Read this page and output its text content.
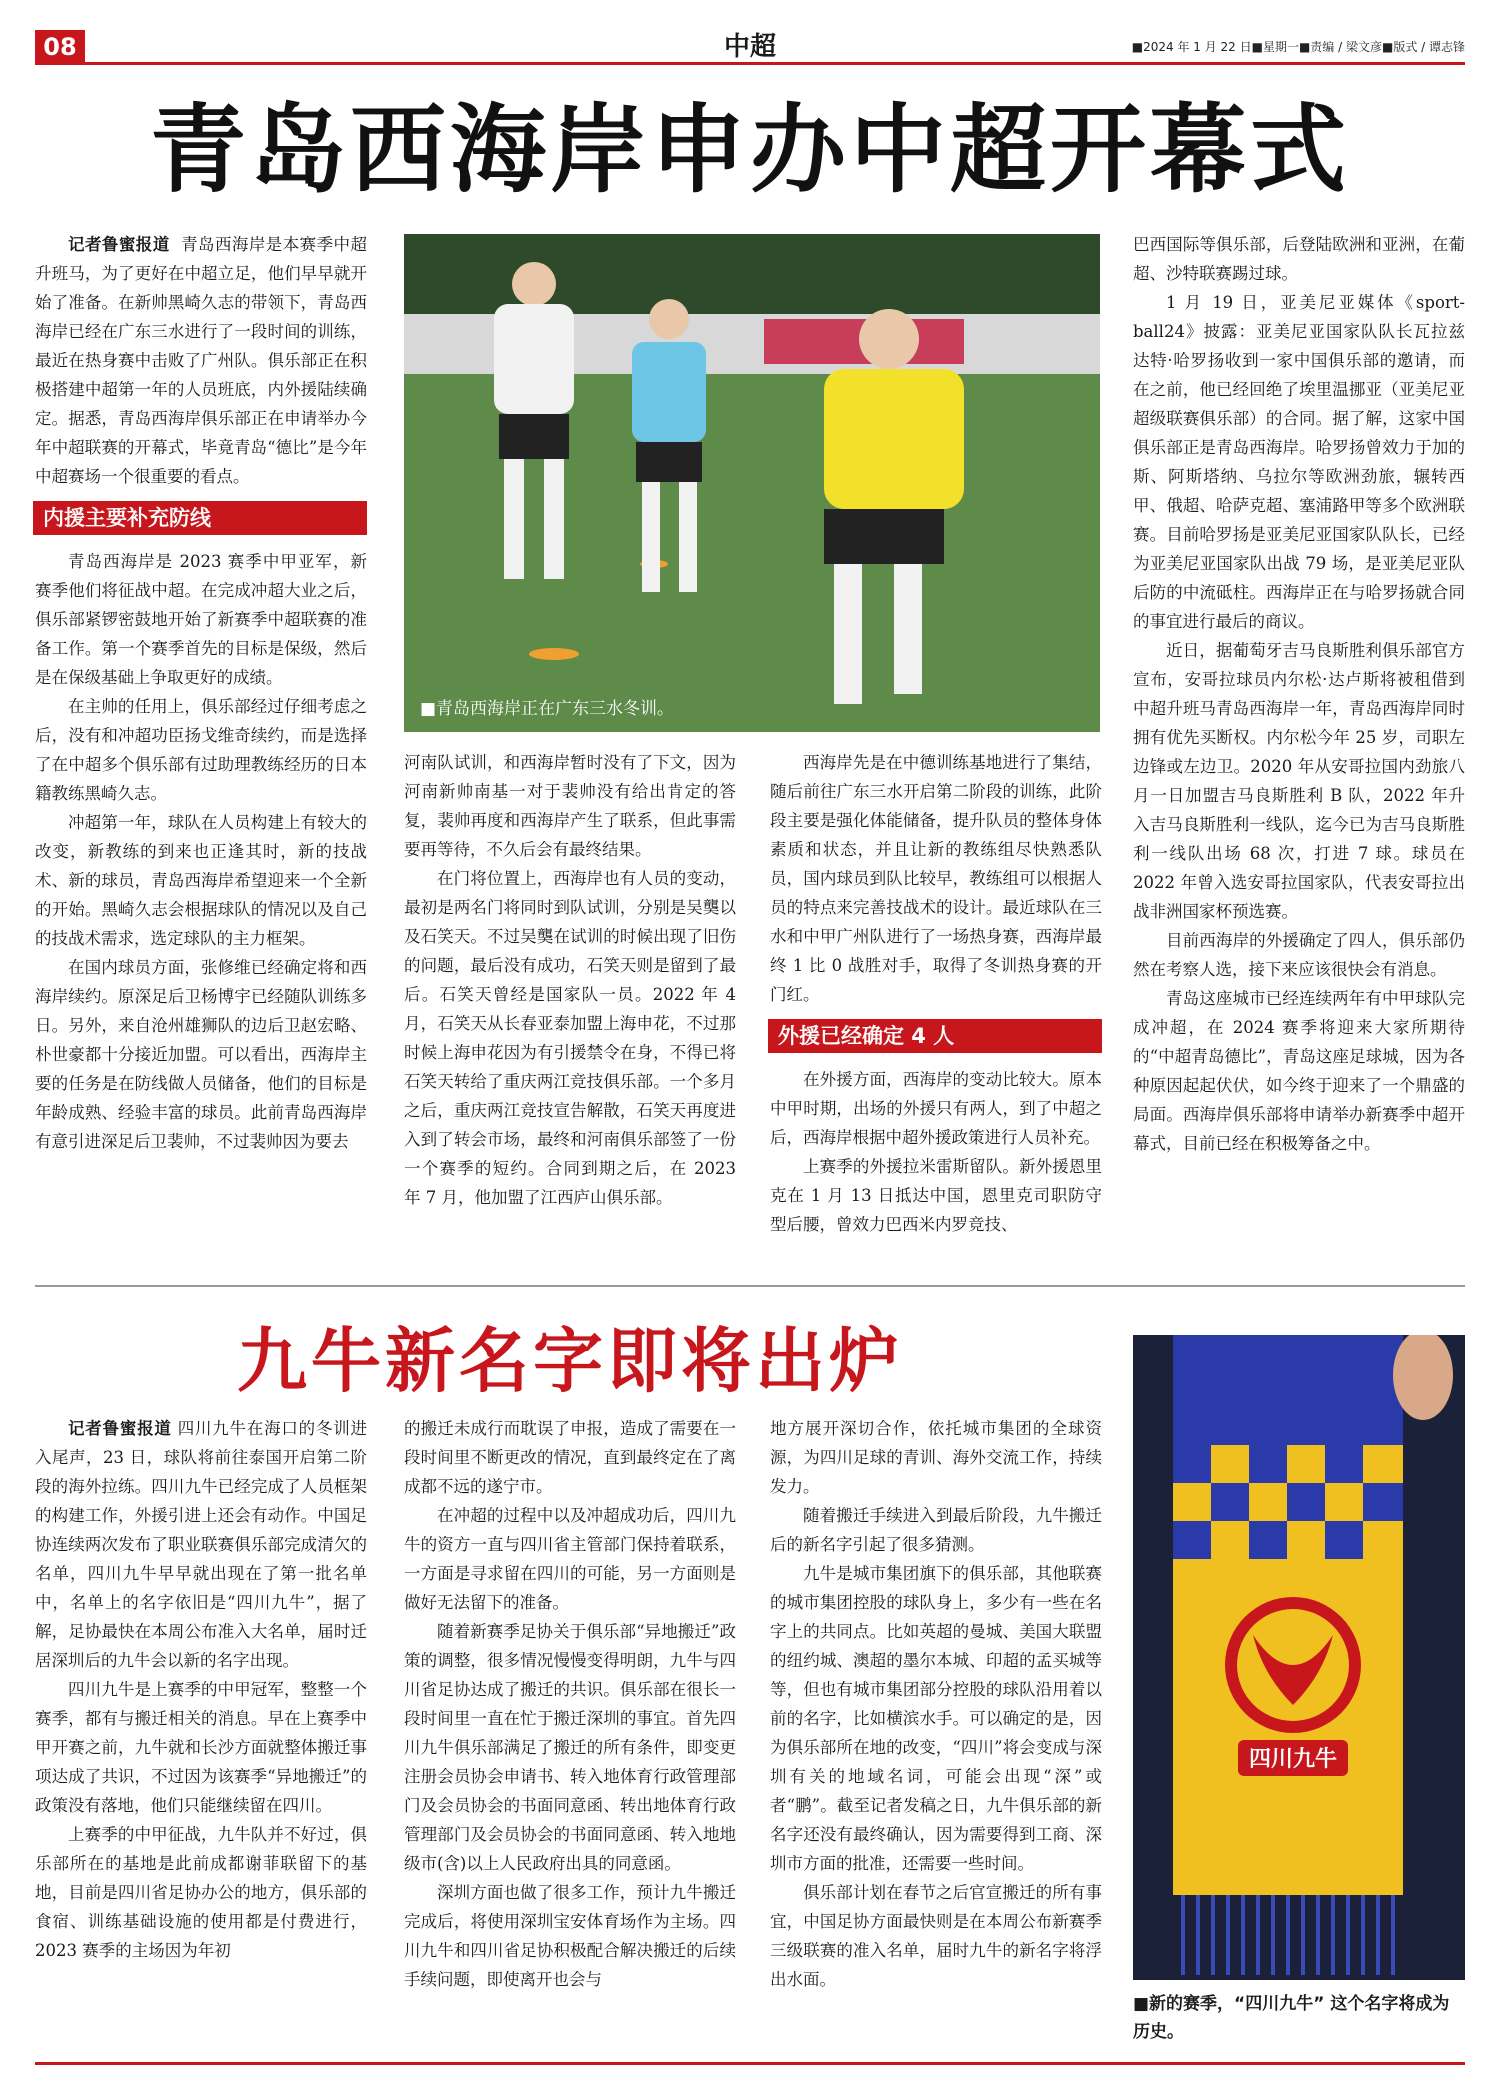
08	中超	■2024 年 1 月 22 日■星期一■责编 / 梁文彦■版式 / 谭志锋
青岛西海岸申办中超开幕式

记者鲁蜜报道 青岛西海岸是本赛季中超升班马，为了更好在中超立足，他们早早就开始了准备。在新帅黑崎久志的带领下，青岛西海岸已经在广东三水进行了一段时间的训练，最近在热身赛中击败了广州队。俱乐部正在积极搭建中超第一年的人员班底，内外援陆续确定。据悉，青岛西海岸俱乐部正在申请举办今年中超联赛的开幕式，毕竟青岛“德比”是今年中超赛场一个很重要的看点。

内援主要补充防线

青岛西海岸是 2023 赛季中甲亚军，新赛季他们将征战中超。在完成冲超大业之后，俱乐部紧锣密鼓地开始了新赛季中超联赛的准备工作。第一个赛季首先的目标是保级，然后是在保级基础上争取更好的成绩。

在主帅的任用上，俱乐部经过仔细考虑之后，没有和冲超功臣扬戈维奇续约，而是选择了在中超多个俱乐部有过助理教练经历的日本籍教练黑崎久志。

冲超第一年，球队在人员构建上有较大的改变，新教练的到来也正逢其时，新的技战术、新的球员，青岛西海岸希望迎来一个全新的开始。黑崎久志会根据球队的情况以及自己的技战术需求，选定球队的主力框架。

在国内球员方面，张修维已经确定将和西海岸续约。原深足后卫杨博宇已经随队训练多日。另外，来自沧州雄狮队的边后卫赵宏略、朴世豪都十分接近加盟。可以看出，西海岸主要的任务是在防线做人员储备，他们的目标是年龄成熟、经验丰富的球员。此前青岛西海岸有意引进深足后卫裴帅，不过裴帅因为要去

■青岛西海岸正在广东三水冬训。

河南队试训，和西海岸暂时没有了下文，因为河南新帅南基一对于裴帅没有给出肯定的答复，裴帅再度和西海岸产生了联系，但此事需要再等待，不久后会有最终结果。

在门将位置上，西海岸也有人员的变动，最初是两名门将同时到队试训，分别是吴龑以及石笑天。不过吴龑在试训的时候出现了旧伤的问题，最后没有成功，石笑天则是留到了最后。石笑天曾经是国家队一员。2022 年 4 月，石笑天从长春亚泰加盟上海申花，不过那时候上海申花因为有引援禁令在身，不得已将石笑天转给了重庆两江竞技俱乐部。一个多月之后，重庆两江竞技宣告解散，石笑天再度进入到了转会市场，最终和河南俱乐部签了一份一个赛季的短约。合同到期之后，在 2023 年 7 月，他加盟了江西庐山俱乐部。

西海岸先是在中德训练基地进行了集结，随后前往广东三水开启第二阶段的训练，此阶段主要是强化体能储备，提升队员的整体身体素质和状态，并且让新的教练组尽快熟悉队员，国内球员到队比较早，教练组可以根据人员的特点来完善技战术的设计。最近球队在三水和中甲广州队进行了一场热身赛，西海岸最终 1 比 0 战胜对手，取得了冬训热身赛的开门红。

外援已经确定 4 人

在外援方面，西海岸的变动比较大。原本中甲时期，出场的外援只有两人，到了中超之后，西海岸根据中超外援政策进行人员补充。

上赛季的外援拉米雷斯留队。新外援恩里克在 1 月 13 日抵达中国，恩里克司职防守型后腰，曾效力巴西米内罗竞技、

巴西国际等俱乐部，后登陆欧洲和亚洲，在葡超、沙特联赛踢过球。

1 月 19 日，亚美尼亚媒体《sport-ball24》披露：亚美尼亚国家队队长瓦拉兹达特·哈罗扬收到一家中国俱乐部的邀请，而在之前，他已经回绝了埃里温挪亚（亚美尼亚超级联赛俱乐部）的合同。据了解，这家中国俱乐部正是青岛西海岸。哈罗扬曾效力于加的斯、阿斯塔纳、乌拉尔等欧洲劲旅，辗转西甲、俄超、哈萨克超、塞浦路甲等多个欧洲联赛。目前哈罗扬是亚美尼亚国家队队长，已经为亚美尼亚国家队出战 79 场，是亚美尼亚队后防的中流砥柱。西海岸正在与哈罗扬就合同的事宜进行最后的商议。

近日，据葡萄牙吉马良斯胜利俱乐部官方宣布，安哥拉球员内尔松·达卢斯将被租借到中超升班马青岛西海岸一年，青岛西海岸同时拥有优先买断权。内尔松今年 25 岁，司职左边锋或左边卫。2020 年从安哥拉国内劲旅八月一日加盟吉马良斯胜利 B 队，2022 年升入吉马良斯胜利一线队，迄今已为吉马良斯胜利一线队出场 68 次，打进 7 球。球员在 2022 年曾入选安哥拉国家队，代表安哥拉出战非洲国家杯预选赛。

目前西海岸的外援确定了四人，俱乐部仍然在考察人选，接下来应该很快会有消息。

青岛这座城市已经连续两年有中甲球队完成冲超，在 2024 赛季将迎来大家所期待的“中超青岛德比”，青岛这座足球城，因为各种原因起起伏伏，如今终于迎来了一个鼎盛的局面。西海岸俱乐部将申请举办新赛季中超开幕式，目前已经在积极筹备之中。

九牛新名字即将出炉

记者鲁蜜报道 四川九牛在海口的冬训进入尾声，23 日，球队将前往泰国开启第二阶段的海外拉练。四川九牛已经完成了人员框架的构建工作，外援引进上还会有动作。中国足协连续两次发布了职业联赛俱乐部完成清欠的名单，四川九牛早早就出现在了第一批名单中，名单上的名字依旧是“四川九牛”，据了解，足协最快在本周公布准入大名单，届时迁居深圳后的九牛会以新的名字出现。

四川九牛是上赛季的中甲冠军，整整一个赛季，都有与搬迁相关的消息。早在上赛季中甲开赛之前，九牛就和长沙方面就整体搬迁事项达成了共识，不过因为该赛季“异地搬迁”的政策没有落地，他们只能继续留在四川。

上赛季的中甲征战，九牛队并不好过，俱乐部所在的基地是此前成都谢菲联留下的基地，目前是四川省足协办公的地方，俱乐部的食宿、训练基础设施的使用都是付费进行，2023 赛季的主场因为年初

的搬迁未成行而耽误了申报，造成了需要在一段时间里不断更改的情况，直到最终定在了离成都不远的遂宁市。

在冲超的过程中以及冲超成功后，四川九牛的资方一直与四川省主管部门保持着联系，一方面是寻求留在四川的可能，另一方面则是做好无法留下的准备。

随着新赛季足协关于俱乐部“异地搬迁”政策的调整，很多情况慢慢变得明朗，九牛与四川省足协达成了搬迁的共识。俱乐部在很长一段时间里一直在忙于搬迁深圳的事宜。首先四川九牛俱乐部满足了搬迁的所有条件，即变更注册会员协会申请书、转入地体育行政管理部门及会员协会的书面同意函、转出地体育行政管理部门及会员协会的书面同意函、转入地地级市(含)以上人民政府出具的同意函。

深圳方面也做了很多工作，预计九牛搬迁完成后，将使用深圳宝安体育场作为主场。四川九牛和四川省足协积极配合解决搬迁的后续手续问题，即使离开也会与

地方展开深切合作，依托城市集团的全球资源，为四川足球的青训、海外交流工作，持续发力。

随着搬迁手续进入到最后阶段，九牛搬迁后的新名字引起了很多猜测。

九牛是城市集团旗下的俱乐部，其他联赛的城市集团控股的球队身上，多少有一些在名字上的共同点。比如英超的曼城、美国大联盟的纽约城、澳超的墨尔本城、印超的孟买城等等，但也有城市集团部分控股的球队沿用着以前的名字，比如横滨水手。可以确定的是，因为俱乐部所在地的改变，“四川”将会变成与深圳有关的地域名词，可能会出现“深”或者“鹏”。截至记者发稿之日，九牛俱乐部的新名字还没有最终确认，因为需要得到工商、深圳市方面的批准，还需要一些时间。

俱乐部计划在春节之后官宣搬迁的所有事宜，中国足协方面最快则是在本周公布新赛季三级联赛的准入名单，届时九牛的新名字将浮出水面。

四川九牛
■新的赛季，“四川九牛” 这个名字将成为历史。
